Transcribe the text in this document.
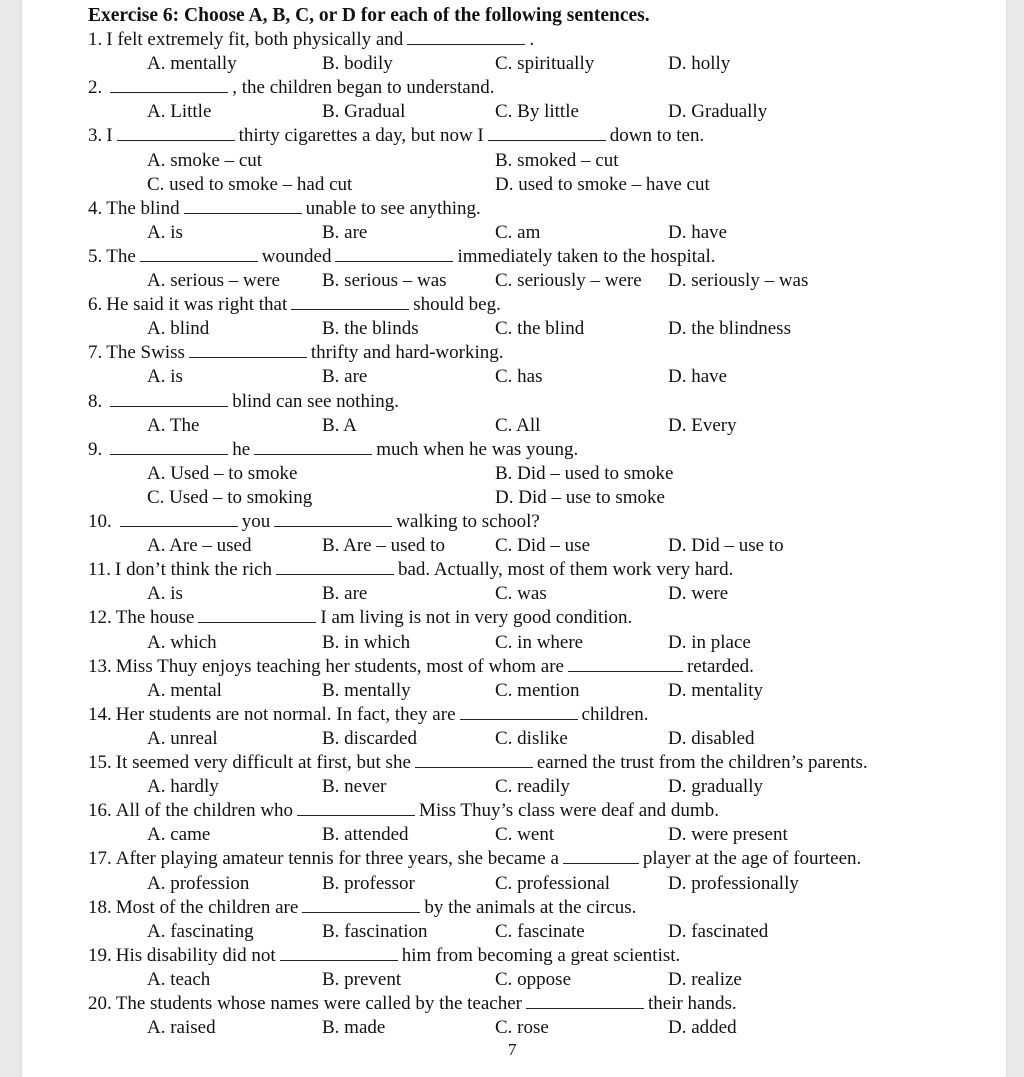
Exercise 6: Choose A, B, C, or D for each of the following sentences.
1. I felt extremely fit, both physically and	.
A. mentally	B. bodily	C. spiritually	D. holly
2.	, the children began to understand.
A. Little	B. Gradual	C. By little	D. Gradually
3. I	thirty cigarettes a day, but now I	down to ten.
A. smoke – cut	B. smoked – cut
C. used to smoke – had cut	D. used to smoke – have cut
4. The blind	unable to see anything.
A. is	B. are	C. am	D. have
5. The	wounded	immediately taken to the hospital.
A. serious – were B. serious – was	C. seriously – were D. seriously – was
6. He said it was right that	should beg.
A. blind	B. the blinds	C. the blind	D. the blindness
7. The Swiss	thrifty and hard-working.
A. is	B. are	C. has	D. have
8.	blind can see nothing.
A. The	B. A	C. All	D. Every
9.	he	much when he was young.
A. Used – to smoke	B. Did – used to smoke
C. Used – to smoking	D. Did – use to smoke
10.	you	walking to school?
A. Are – used	B. Are – used to	C. Did – use	D. Did – use to
11. I don’t think the rich	bad. Actually, most of them work very hard.
A. is	B. are	C. was	D. were
12. The house	I am living is not in very good condition.
A. which	B. in which	C. in where	D. in place
13. Miss Thuy enjoys teaching her students, most of whom are	retarded.
A. mental	B. mentally	C. mention	D. mentality
14. Her students are not normal. In fact, they are	children.
A. unreal	B. discarded	C. dislike	D. disabled
15. It seemed very difficult at first, but she	earned the trust from the children’s parents.
A. hardly	B. never	C. readily	D. gradually
16. All of the children who	Miss Thuy’s class were deaf and dumb.
A. came	B. attended	C. went	D. were present
17. After playing amateur tennis for three years, she became a	player at the age of fourteen.
A. profession	B. professor	C. professional	D. professionally
18. Most of the children are	by the animals at the circus.
A. fascinating	B. fascination	C. fascinate	D. fascinated
19. His disability did not	him from becoming a great scientist.
A. teach	B. prevent	C. oppose	D. realize
20. The students whose names were called by the teacher	their hands.
A. raised	B. made	C. rose	D. added
7
